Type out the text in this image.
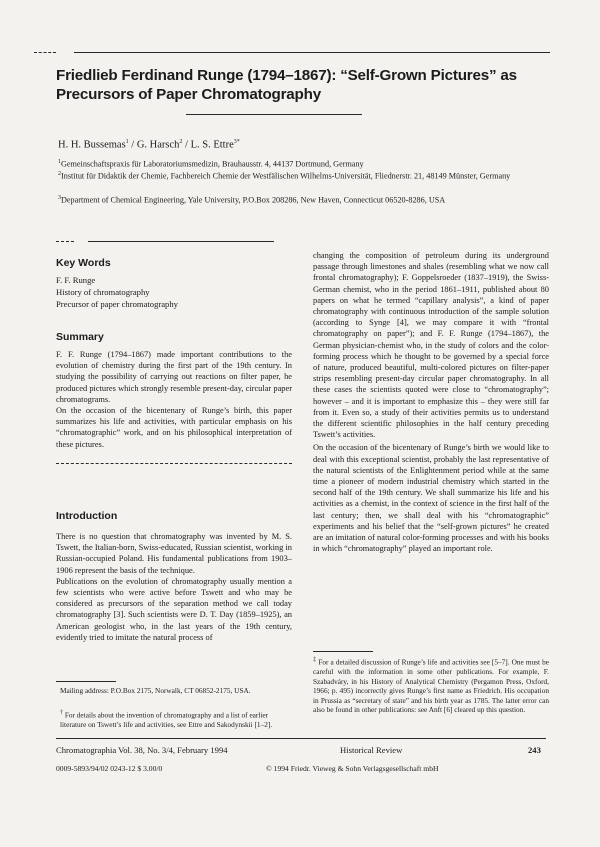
Friedlieb Ferdinand Runge (1794–1867): “Self-Grown Pictures” as Precursors of Paper Chromatography
H. H. Bussemas$^1$ / G. Harsch$^2$ / L. S. Ettre$^{3*}$
$^1$Gemeinschaftspraxis für Laboratoriumsmedizin, Brauhausstr. 4, 44137 Dortmund, Germany
$^2$Institut für Didaktik der Chemie, Fachbereich Chemie der Westfälischen Wilhelms-Universität, Fliednerstr. 21, 48149 Münster, Germany
$^3$Department of Chemical Engineering, Yale University, P.O.Box 208286, New Haven, Connecticut 06520-8286, USA
Key Words
F. F. Runge
History of chromatography
Precursor of paper chromatography
Summary

F. F. Runge (1794–1867) made important contributions to the evolution of chemistry during the first part of the 19th century. In studying the possibility of carrying out reactions on filter paper, he produced pictures which strongly resemble present-day, circular paper chromatograms.

On the occasion of the bicentenary of Runge’s birth, this paper summarizes his life and activities, with particular emphasis on his “chromatographic” work, and on his philosophical interpretation of these pictures.

Introduction

There is no question that chromatography was invented by M. S. Tswett, the Italian-born, Swiss-educated, Russian scientist, working in Russian-occupied Poland. His fundamental publications from 1903–1906 represent the basis of the technique.

Publications on the evolution of chromatography usually mention a few scientists who were active before Tswett and who may be considered as precursors of the separation method we call today chromatography [3]. Such scientists were D. T. Day (1859–1925), an American geologist who, in the last years of the 19th century, evidently tried to imitate the natural process of

Mailing address: P.O.Box 2175, Norwalk, CT 06852-2175, USA.
† For details about the invention of chromatography and a list of earlier literature on Tswett’s life and activities, see Ettre and Sakodynskii [1–2].

changing the composition of petroleum during its underground passage through limestones and shales (resembling what we now call frontal chromatography); F. Goppelsroeder (1837–1919), the Swiss-German chemist, who in the period 1861–1911, published about 80 papers on what he termed “capillary analysis”, a kind of paper chromatography with continuous introduction of the sample solution (according to Synge [4], we may compare it with “frontal chromatography on paper”); and F. F. Runge (1794–1867), the German physician-chemist who, in the study of colors and the color-forming process which he thought to be governed by a special force of nature, produced beautiful, multi-colored pictures on filter-paper strips resembling present-day circular paper chromatography. In all these cases the scientists quoted were close to “chromatography”; however – and it is important to emphasize this – they were still far from it. Even so, a study of their activities permits us to understand the different scientific philosophies in the half century preceding Tswett’s activities.

On the occasion of the bicentenary of Runge’s birth we would like to deal with this exceptional scientist, probably the last representative of the natural scientists of the Enlightenment period while at the same time a pioneer of modern industrial chemistry which started in the second half of the 19th century. We shall summarize his life and his activities as a chemist, in the context of science in the first half of the last century; then, we shall deal with his “chromatographic” experiments and his belief that the “self-grown pictures” he created are an imitation of natural color-forming processes and with his books in which “chromatography” played an important role.

‡ For a detailed discussion of Runge’s life and activities see [5–7]. One must be careful with the information in some other publications. For example, F. Szabadváry, in his History of Analytical Chemistry (Pergamon Press, Oxford, 1966; p. 495) incorrectly gives Runge’s first name as Friedrich. His occupation in Prussia as “secretary of state” and his birth year as 1785. The latter error can also be found in other publications: see Anft [6] cleared up this question.
Chromatographia Vol. 38, No. 3/4, February 1994	Historical Review	243
0009-5893/94/02 0243-12 $ 3.00/0	© 1994 Friedr. Vieweg & Sohn Verlagsgesellschaft mbH
